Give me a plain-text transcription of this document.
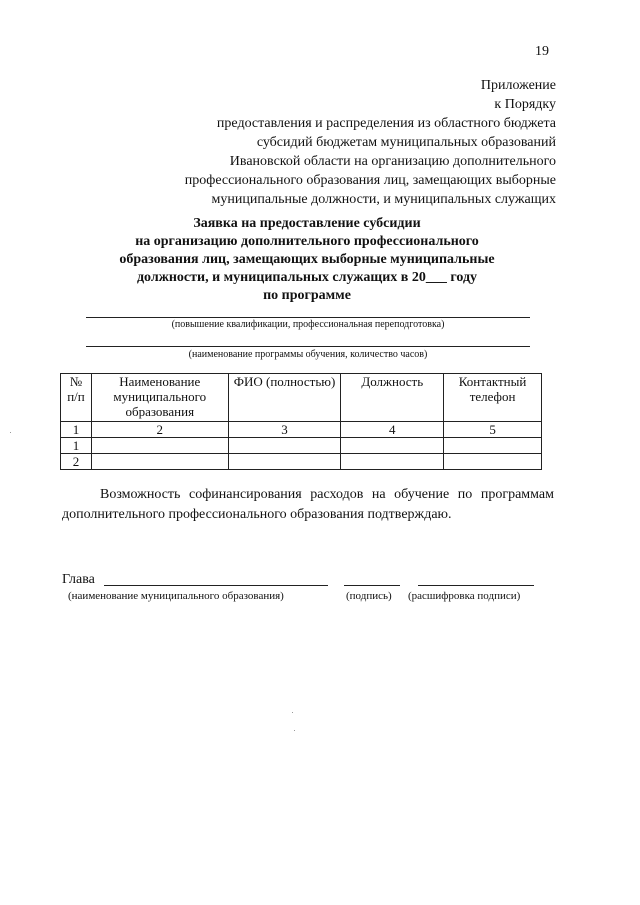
19
Приложение
к Порядку
предоставления и распределения из областного бюджета
субсидий бюджетам муниципальных образований
Ивановской области на организацию дополнительного
профессионального образования лиц, замещающих выборные
муниципальные должности, и муниципальных служащих
Заявка на предоставление субсидии
на организацию дополнительного профессионального
образования лиц, замещающих выборные муниципальные
должности, и муниципальных служащих в 20___ году
по программе
(повышение квалификации, профессиональная переподготовка)
(наименование программы обучения, количество часов)
№ п/п	Наименование муниципального образования	ФИО (полностью)	Должность	Контактный телефон
1	2	3	4	5
1				
2				
Возможность софинансирования расходов на обучение по программам дополнительного профессионального образования подтверждаю.
Глава
(наименование муниципального образования)	(подпись) (расшифровка подписи)
